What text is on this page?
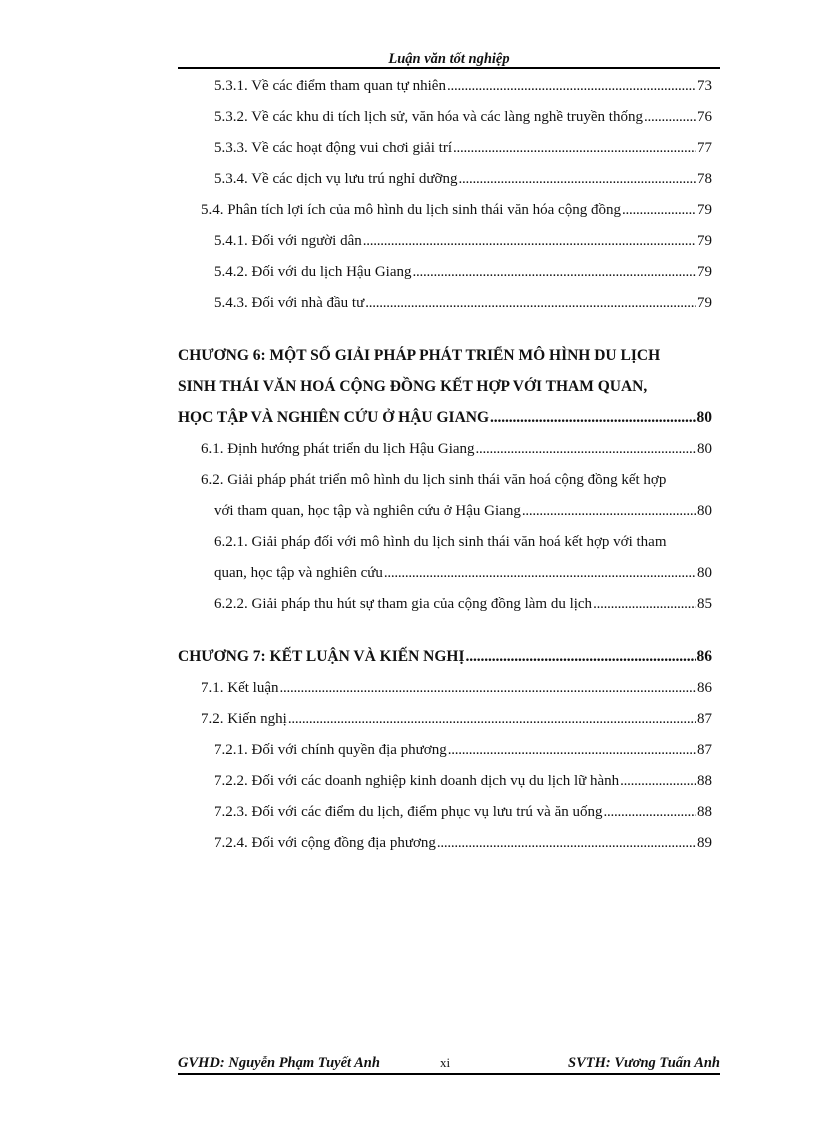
Luận văn tốt nghiệp
5.3.1. Về các điểm tham quan tự nhiên . . .	73
5.3.2. Về các khu di tích lịch sử, văn hóa và các làng nghề truyền thống . . .	76
5.3.3. Về các hoạt động vui chơi giải trí . . .	77
5.3.4. Về các dịch vụ lưu trú nghỉ dưỡng . . .	78
5.4. Phân tích lợi ích của mô hình du lịch sinh thái văn hóa cộng đồng . . .	79
5.4.1. Đối với người dân . . .	79
5.4.2. Đối với du lịch Hậu Giang . . .	79
5.4.3. Đối với nhà đầu tư . . .	79
CHƯƠNG 6: MỘT SỐ GIẢI PHÁP PHÁT TRIỂN MÔ HÌNH DU LỊCH
SINH THÁI VĂN HOÁ CỘNG ĐỒNG KẾT HỢP VỚI THAM QUAN,
HỌC TẬP VÀ NGHIÊN CỨU Ở HẬU GIANG . . .	80
6.1. Định hướng phát triển du lịch Hậu Giang . . .	80
6.2. Giải pháp phát triển mô hình du lịch sinh thái văn hoá cộng đồng kết hợp
với tham quan, học tập và nghiên cứu ở Hậu Giang . . .	80
6.2.1. Giải pháp đối với mô hình du lịch sinh thái văn hoá kết hợp với tham
quan, học tập và nghiên cứu . . .	80
6.2.2. Giải pháp thu hút sự tham gia của cộng đồng làm du lịch . . .	85
CHƯƠNG 7: KẾT LUẬN VÀ KIẾN NGHỊ . . .	86
7.1. Kết luận . . .	86
7.2. Kiến nghị . . .	87
7.2.1. Đối với chính quyền địa phương . . .	87
7.2.2. Đối với các doanh nghiệp kinh doanh dịch vụ du lịch lữ hành . . .	88
7.2.3. Đối với các điểm du lịch, điểm phục vụ lưu trú và ăn uống . . .	88
7.2.4. Đối với cộng đồng địa phương . . .	89
GVHD: Nguyễn Phạm Tuyết Anh	xi	SVTH: Vương Tuấn Anh
